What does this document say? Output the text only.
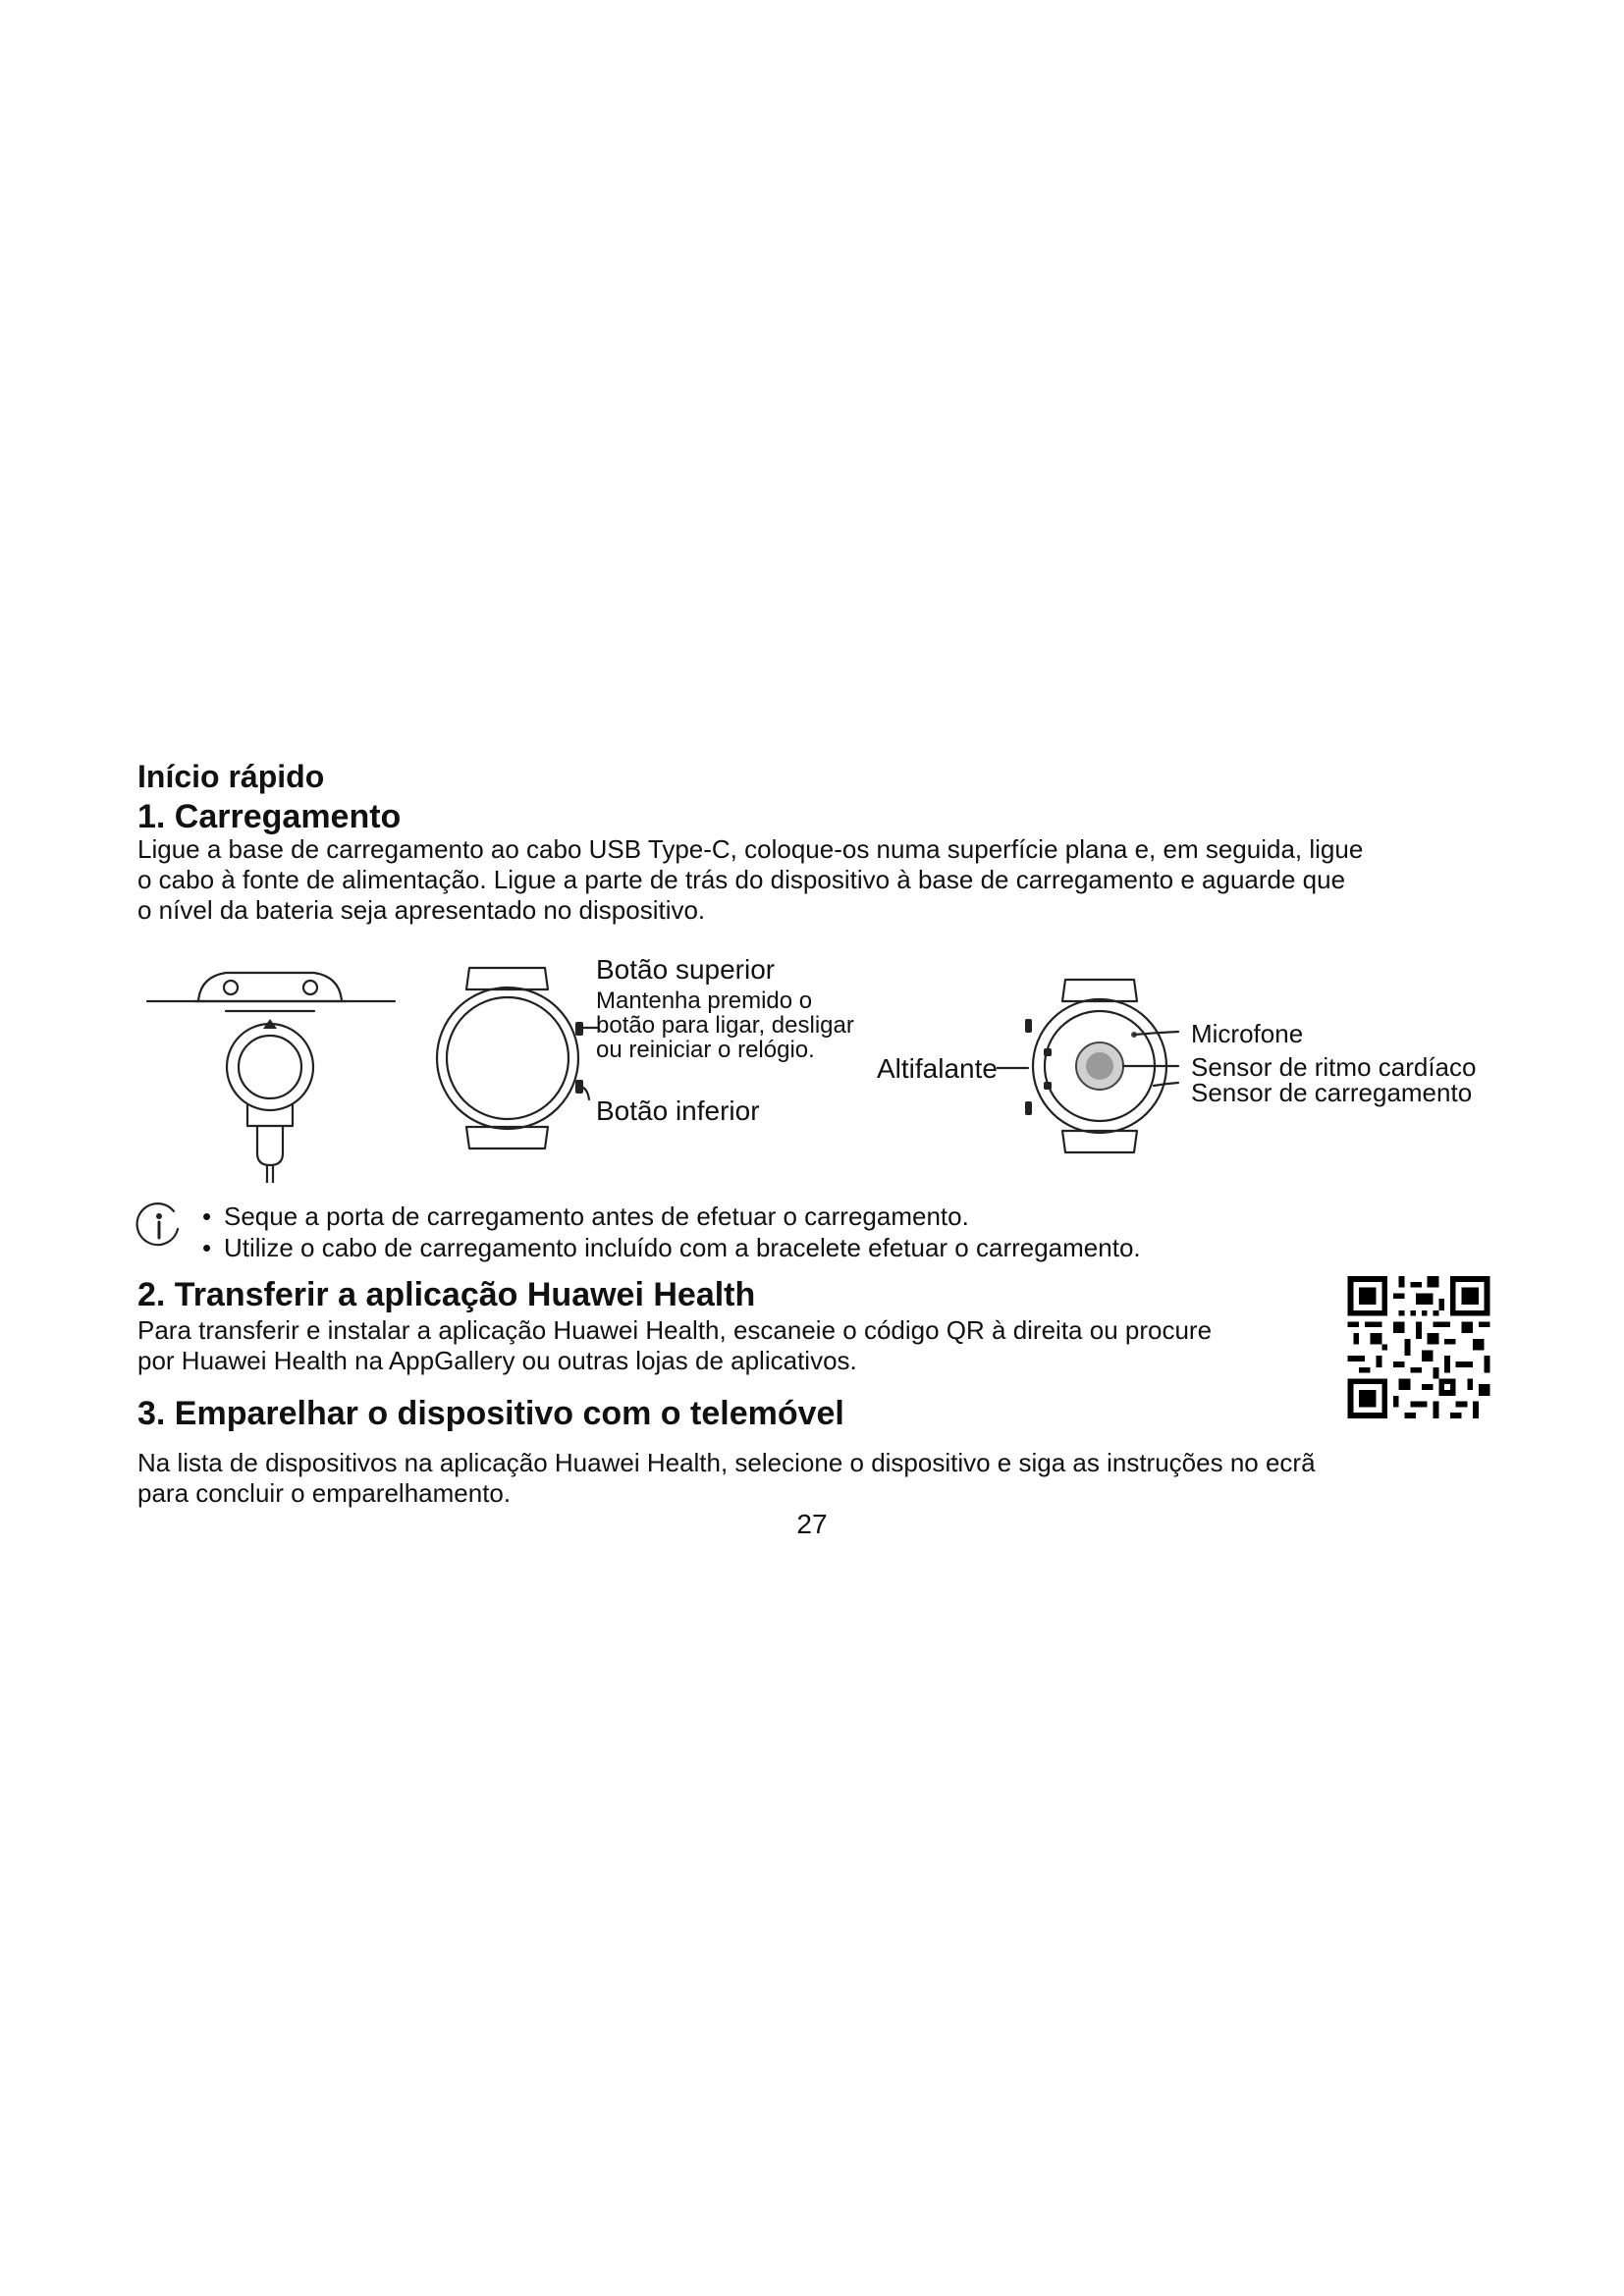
Início rápido
1. Carregamento

Ligue a base de carregamento ao cabo USB Type-C, coloque-os numa superfície plana e, em seguida, ligue

o cabo à fonte de alimentação. Ligue a parte de trás do dispositivo à base de carregamento e aguarde que

o nível da bateria seja apresentado no dispositivo.

Botão superior
Mantenha premido o
botão para ligar, desligar
ou reiniciar o relógio.
Botão inferior
Altifalante
Microfone
Sensor de ritmo cardíaco
Sensor de carregamento
• Seque a porta de carregamento antes de efetuar o carregamento.
• Utilize o cabo de carregamento incluído com a bracelete efetuar o carregamento.
2. Transferir a aplicação Huawei Health

Para transferir e instalar a aplicação Huawei Health, escaneie o código QR à direita ou procure

por Huawei Health na AppGallery ou outras lojas de aplicativos.

3. Emparelhar o dispositivo com o telemóvel

Na lista de dispositivos na aplicação Huawei Health, selecione o dispositivo e siga as instruções no ecrã

para concluir o emparelhamento.

27
